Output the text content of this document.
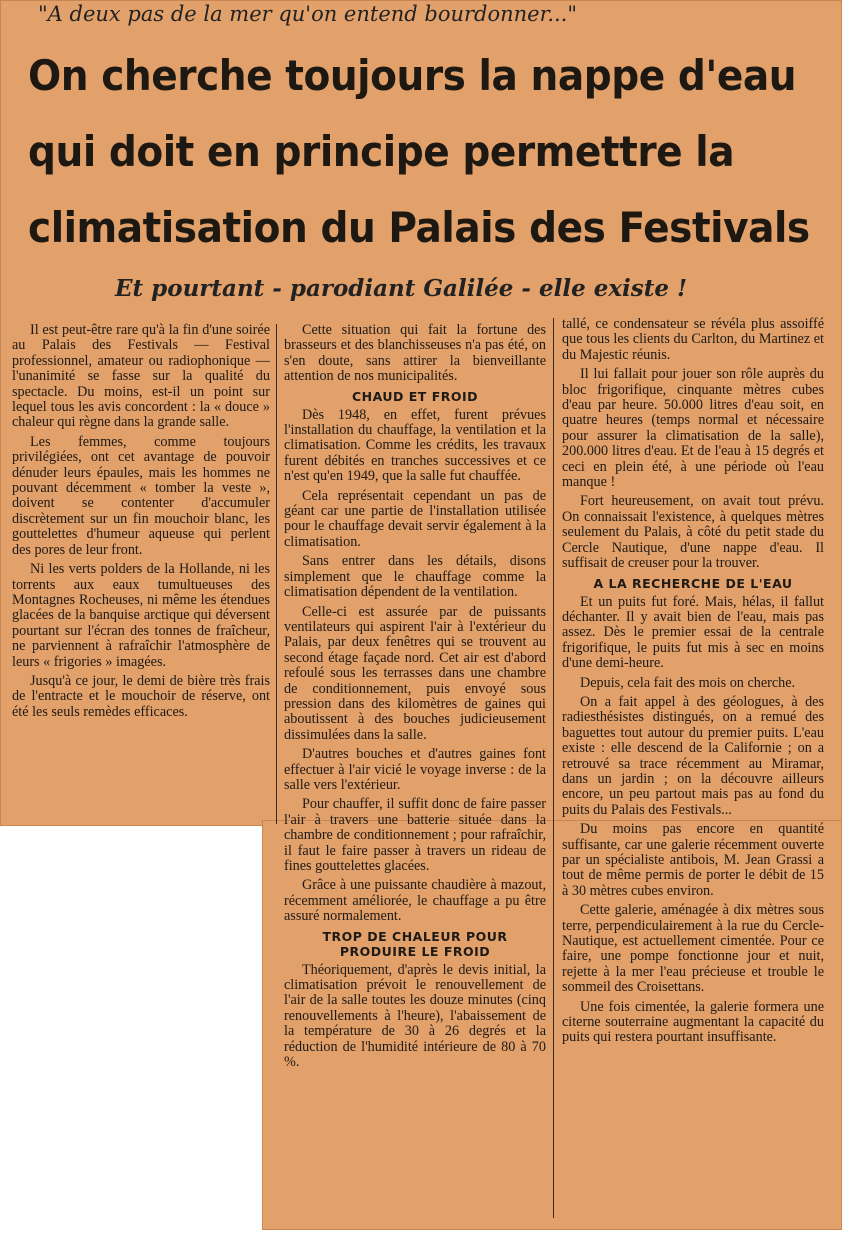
"A deux pas de la mer qu'on entend bourdonner..."
On cherche toujours la nappe d'eau
qui doit en principe permettre la
climatisation du Palais des Festivals
Et pourtant - parodiant Galilée - elle existe !

Il est peut-être rare qu'à la fin d'une soirée au Palais des Festivals — Festival professionnel, amateur ou radiophonique — l'unanimité se fasse sur la qualité du spectacle. Du moins, est-il un point sur lequel tous les avis concordent : la « douce » chaleur qui règne dans la grande salle.

Les femmes, comme toujours privilégiées, ont cet avantage de pouvoir dénuder leurs épaules, mais les hommes ne pouvant décemment « tomber la veste », doivent se contenter d'accumuler discrètement sur un fin mouchoir blanc, les gouttelettes d'humeur aqueuse qui perlent des pores de leur front.

Ni les verts polders de la Hollande, ni les torrents aux eaux tumultueuses des Montagnes Rocheuses, ni même les étendues glacées de la banquise arctique qui déversent pourtant sur l'écran des tonnes de fraîcheur, ne parviennent à rafraîchir l'atmosphère de leurs « frigories » imagées.

Jusqu'à ce jour, le demi de bière très frais de l'entracte et le mouchoir de réserve, ont été les seuls remèdes efficaces.

Cette situation qui fait la fortune des brasseurs et des blanchisseuses n'a pas été, on s'en doute, sans attirer la bienveillante attention de nos municipalités.

CHAUD ET FROID

Dès 1948, en effet, furent prévues l'installation du chauffage, la ventilation et la climatisation. Comme les crédits, les travaux furent débités en tranches successives et ce n'est qu'en 1949, que la salle fut chauffée.

Cela représentait cependant un pas de géant car une partie de l'installation utilisée pour le chauffage devait servir également à la climatisation.

Sans entrer dans les détails, disons simplement que le chauffage comme la climatisation dépendent de la ventilation.

Celle-ci est assurée par de puissants ventilateurs qui aspirent l'air à l'extérieur du Palais, par deux fenêtres qui se trouvent au second étage façade nord. Cet air est d'abord refoulé sous les terrasses dans une chambre de conditionnement, puis envoyé sous pression dans des kilomètres de gaines qui aboutissent à des bouches judicieusement dissimulées dans la salle.

D'autres bouches et d'autres gaines font effectuer à l'air vicié le voyage inverse : de la salle vers l'extérieur.

Pour chauffer, il suffit donc de faire passer l'air à travers une batterie située dans la chambre de conditionnement ; pour rafraîchir, il faut le faire passer à travers un rideau de fines gouttelettes glacées.

Grâce à une puissante chaudière à mazout, récemment améliorée, le chauffage a pu être assuré normalement.

TROP DE CHALEUR POUR PRODUIRE LE FROID

Théoriquement, d'après le devis initial, la climatisation prévoit le renouvellement de l'air de la salle toutes les douze minutes (cinq renouvellements à l'heure), l'abaissement de la température de 30 à 26 degrés et la réduction de l'humidité intérieure de 80 à 70 %.

tallé, ce condensateur se révéla plus assoiffé que tous les clients du Carlton, du Martinez et du Majestic réunis.

Il lui fallait pour jouer son rôle auprès du bloc frigorifique, cinquante mètres cubes d'eau par heure. 50.000 litres d'eau soit, en quatre heures (temps normal et nécessaire pour assurer la climatisation de la salle), 200.000 litres d'eau. Et de l'eau à 15 degrés et ceci en plein été, à une période où l'eau manque !

Fort heureusement, on avait tout prévu. On connaissait l'existence, à quelques mètres seulement du Palais, à côté du petit stade du Cercle Nautique, d'une nappe d'eau. Il suffisait de creuser pour la trouver.

A LA RECHERCHE DE L'EAU

Et un puits fut foré. Mais, hélas, il fallut déchanter. Il y avait bien de l'eau, mais pas assez. Dès le premier essai de la centrale frigorifique, le puits fut mis à sec en moins d'une demi-heure.

Depuis, cela fait des mois on cherche.

On a fait appel à des géologues, à des radiesthésistes distingués, on a remué des baguettes tout autour du premier puits. L'eau existe : elle descend de la Californie ; on a retrouvé sa trace récemment au Miramar, dans un jardin ; on la découvre ailleurs encore, un peu partout mais pas au fond du puits du Palais des Festivals...

Du moins pas encore en quantité suffisante, car une galerie récemment ouverte par un spécialiste antibois, M. Jean Grassi a tout de même permis de porter le débit de 15 à 30 mètres cubes environ.

Cette galerie, aménagée à dix mètres sous terre, perpendiculairement à la rue du Cercle-Nautique, est actuellement cimentée. Pour ce faire, une pompe fonctionne jour et nuit, rejette à la mer l'eau précieuse et trouble le sommeil des Croisettans.

Une fois cimentée, la galerie formera une citerne souterraine augmentant la capacité du puits qui restera pourtant insuffisante.
